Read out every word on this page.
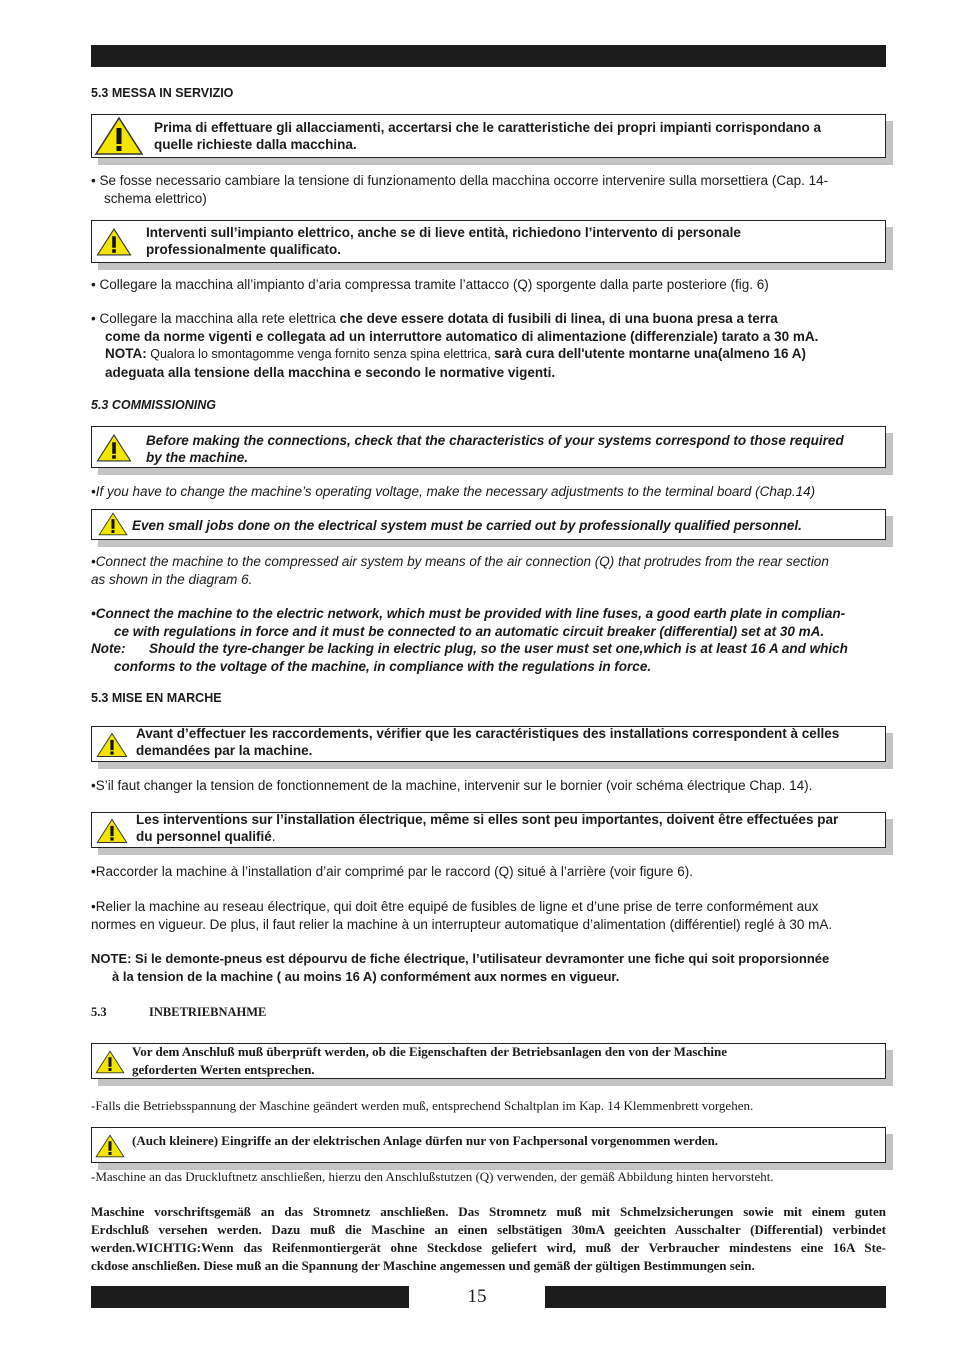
15
5.3 MESSA IN SERVIZIO
Prima di effettuare gli allacciamenti, accertarsi che le caratteristiche dei propri impianti corrispondano a
quelle richieste dalla macchina.
• Se fosse necessario cambiare la tensione di funzionamento della macchina occorre intervenire sulla morsettiera (Cap. 14-
schema elettrico)
Interventi sull’impianto elettrico, anche se di lieve entità, richiedono l’intervento di personale
professionalmente qualificato.
• Collegare la macchina all’impianto d’aria compressa tramite l’attacco (Q) sporgente dalla parte posteriore (fig. 6)
• Collegare la macchina alla rete elettrica che deve essere dotata di fusibili di linea, di una buona presa a terra
come da norme vigenti e collegata ad un interruttore automatico di alimentazione (differenziale) tarato a 30 mA.
NOTA: Qualora lo smontagomme venga fornito senza spina elettrica, sarà cura dell'utente montarne una(almeno 16 A)
adeguata alla tensione della macchina e secondo le normative vigenti.
5.3 COMMISSIONING
Before making the connections, check that the characteristics of your systems correspond to those required
by the machine.
•If you have to change the machine’s operating voltage, make the necessary adjustments to the terminal board (Chap.14)
Even small jobs done on the electrical system must be carried out by professionally qualified personnel.
•Connect the machine to the compressed air system by means of the air connection (Q) that protrudes from the rear section
as shown in the diagram 6.
•Connect the machine to the electric network, which must be provided with line fuses, a good earth plate in complian-
ce with regulations in force and it must be connected to an automatic circuit breaker (differential) set at 30 mA.
Note: Should the tyre-changer be lacking in electric plug, so the user must set one,which is at least 16 A and which
conforms to the voltage of the machine, in compliance with the regulations in force.
5.3 MISE EN MARCHE
Avant d’effectuer les raccordements, vérifier que les caractéristiques des installations correspondent à celles
demandées par la machine.
•S’il faut changer la tension de fonctionnement de la machine, intervenir sur le bornier (voir schéma électrique Chap. 14).
Les interventions sur l’installation électrique, même si elles sont peu importantes, doivent être effectuées par
du personnel qualifié.
•Raccorder la machine à l’installation d’air comprimé par le raccord (Q) situé à l’arrière (voir figure 6).
•Relier la machine au reseau électrique, qui doit être equipé de fusibles de ligne et d’une prise de terre conformément aux
normes en vigueur. De plus, il faut relier la machine à un interrupteur automatique d’alimentation (différentiel) reglé à 30 mA.
NOTE: Si le demonte-pneus est dépourvu de fiche électrique, l’utilisateur devramonter une fiche qui soit proporsionnée
à la tension de la machine ( au moins 16 A) conformément aux normes en vigueur.
5.3	INBETRIEBNAHME
Vor dem Anschluß muß überprüft werden, ob die Eigenschaften der Betriebsanlagen den von der Maschine
geforderten Werten entsprechen.
-Falls die Betriebsspannung der Maschine geändert werden muß, entsprechend Schaltplan im Kap. 14 Klemmenbrett vorgehen.
(Auch kleinere) Eingriffe an der elektrischen Anlage dürfen nur von Fachpersonal vorgenommen werden.
-Maschine an das Druckluftnetz anschließen, hierzu den Anschlußstutzen (Q) verwenden, der gemäß Abbildung hinten hervorsteht.
Maschine vorschriftsgemäß an das Stromnetz anschließen. Das Stromnetz muß mit Schmelzsicherungen sowie mit einem guten
Erdschluß versehen werden. Dazu muß die Maschine an einen selbstätigen 30mA geeichten Ausschalter (Differential) verbindet
werden.WICHTIG:Wenn das Reifenmontiergerät ohne Steckdose geliefert wird, muß der Verbraucher mindestens eine 16A Ste-
ckdose anschließen. Diese muß an die Spannung der Maschine angemessen und gemäß der gültigen Bestimmungen sein.
